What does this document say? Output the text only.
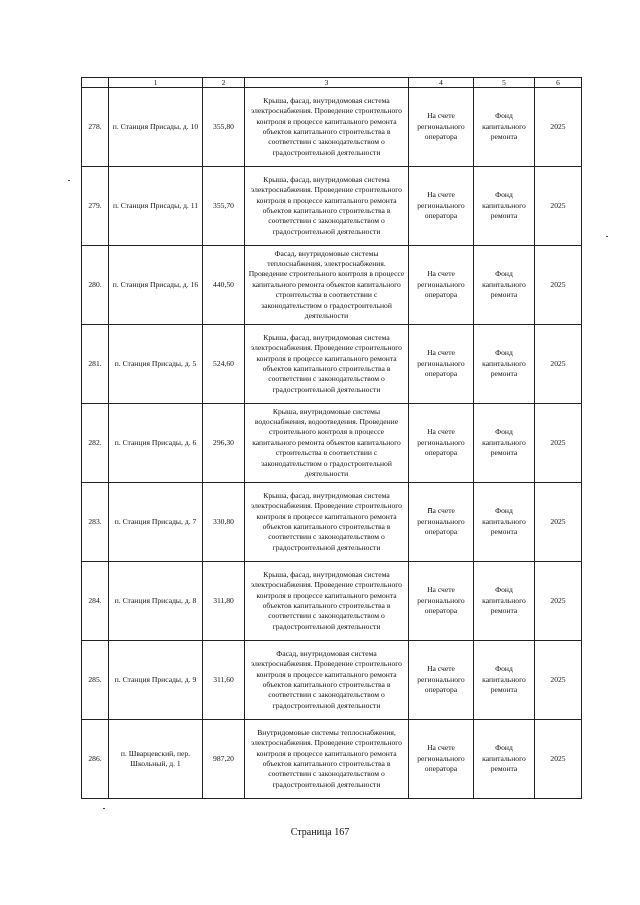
	1	2	3	4	5	6
278.	п. Станция Присады, д. 10	355,80	Крыша, фасад, внутридомовая система электроснабжения. Проведение строительного контроля в процессе капитального ремонта объектов капитального строительства в соответствии с законодательством о градостроительной деятельности	На счете регионального оператора	Фонд капитального ремонта	2025
279.	п. Станция Присады, д. 11	355,70	Крыша, фасад, внутридомовая система электроснабжения. Проведение строительного контроля в процессе капитального ремонта объектов капитального строительства в соответствии с законодательством о градостроительной деятельности	На счете регионального оператора	Фонд капитального ремонта	2025
280.	п. Станция Присады, д. 16	440,50	Фасад, внутридомовые системы теплоснабжения, электроснабжения. Проведение строительного контроля в процессе капитального ремонта объектов капитального строительства в соответствии с законодательством о градостроительной деятельности	На счете регионального оператора	Фонд капитального ремонта	2025
281.	п. Станция Присады, д. 5	524,60	Крыша, фасад, внутридомовая система электроснабжения. Проведение строительного контроля в процессе капитального ремонта объектов капитального строительства в соответствии с законодательством о градостроительной деятельности	На счете регионального оператора	Фонд капитального ремонта	2025
282.	п. Станция Присады, д. 6	296,30	Крыша, внутридомовые системы водоснабжения, водоотведения. Проведение строительного контроля в процессе капитального ремонта объектов капитального строительства в соответствии с законодательством о градостроительной деятельности	На счете регионального оператора	Фонд капитального ремонта	2025
283.	п. Станция Присады, д. 7	330,80	Крыша, фасад, внутридомовая система электроснабжения. Проведение строительного контроля в процессе капитального ремонта объектов капитального строительства в соответствии с законодательством о градостроительной деятельности	На счете регионального оператора	Фонд капитального ремонта	2025
284.	п. Станция Присады, д. 8	311,80	Крыша, фасад, внутридомовая система электроснабжения. Проведение строительного контроля в процессе капитального ремонта объектов капитального строительства в соответствии с законодательством о градостроительной деятельности	На счете регионального оператора	Фонд капитального ремонта	2025
285.	п. Станция Присады, д. 9	311,60	Фасад, внутридомовая система электроснабжения. Проведение строительного контроля в процессе капитального ремонта объектов капитального строительства в соответствии с законодательством о градостроительной деятельности	На счете регионального оператора	Фонд капитального ремонта	2025
286.	п. Шварцевский, пер. Школьный, д. 1	987,20	Внутридомовые системы теплоснабжения, электроснабжения. Проведение строительного контроля в процессе капитального ремонта объектов капитального строительства в соответствии с законодательством о градостроительной деятельности	На счете регионального оператора	Фонд капитального ремонта	2025
Страница 167
